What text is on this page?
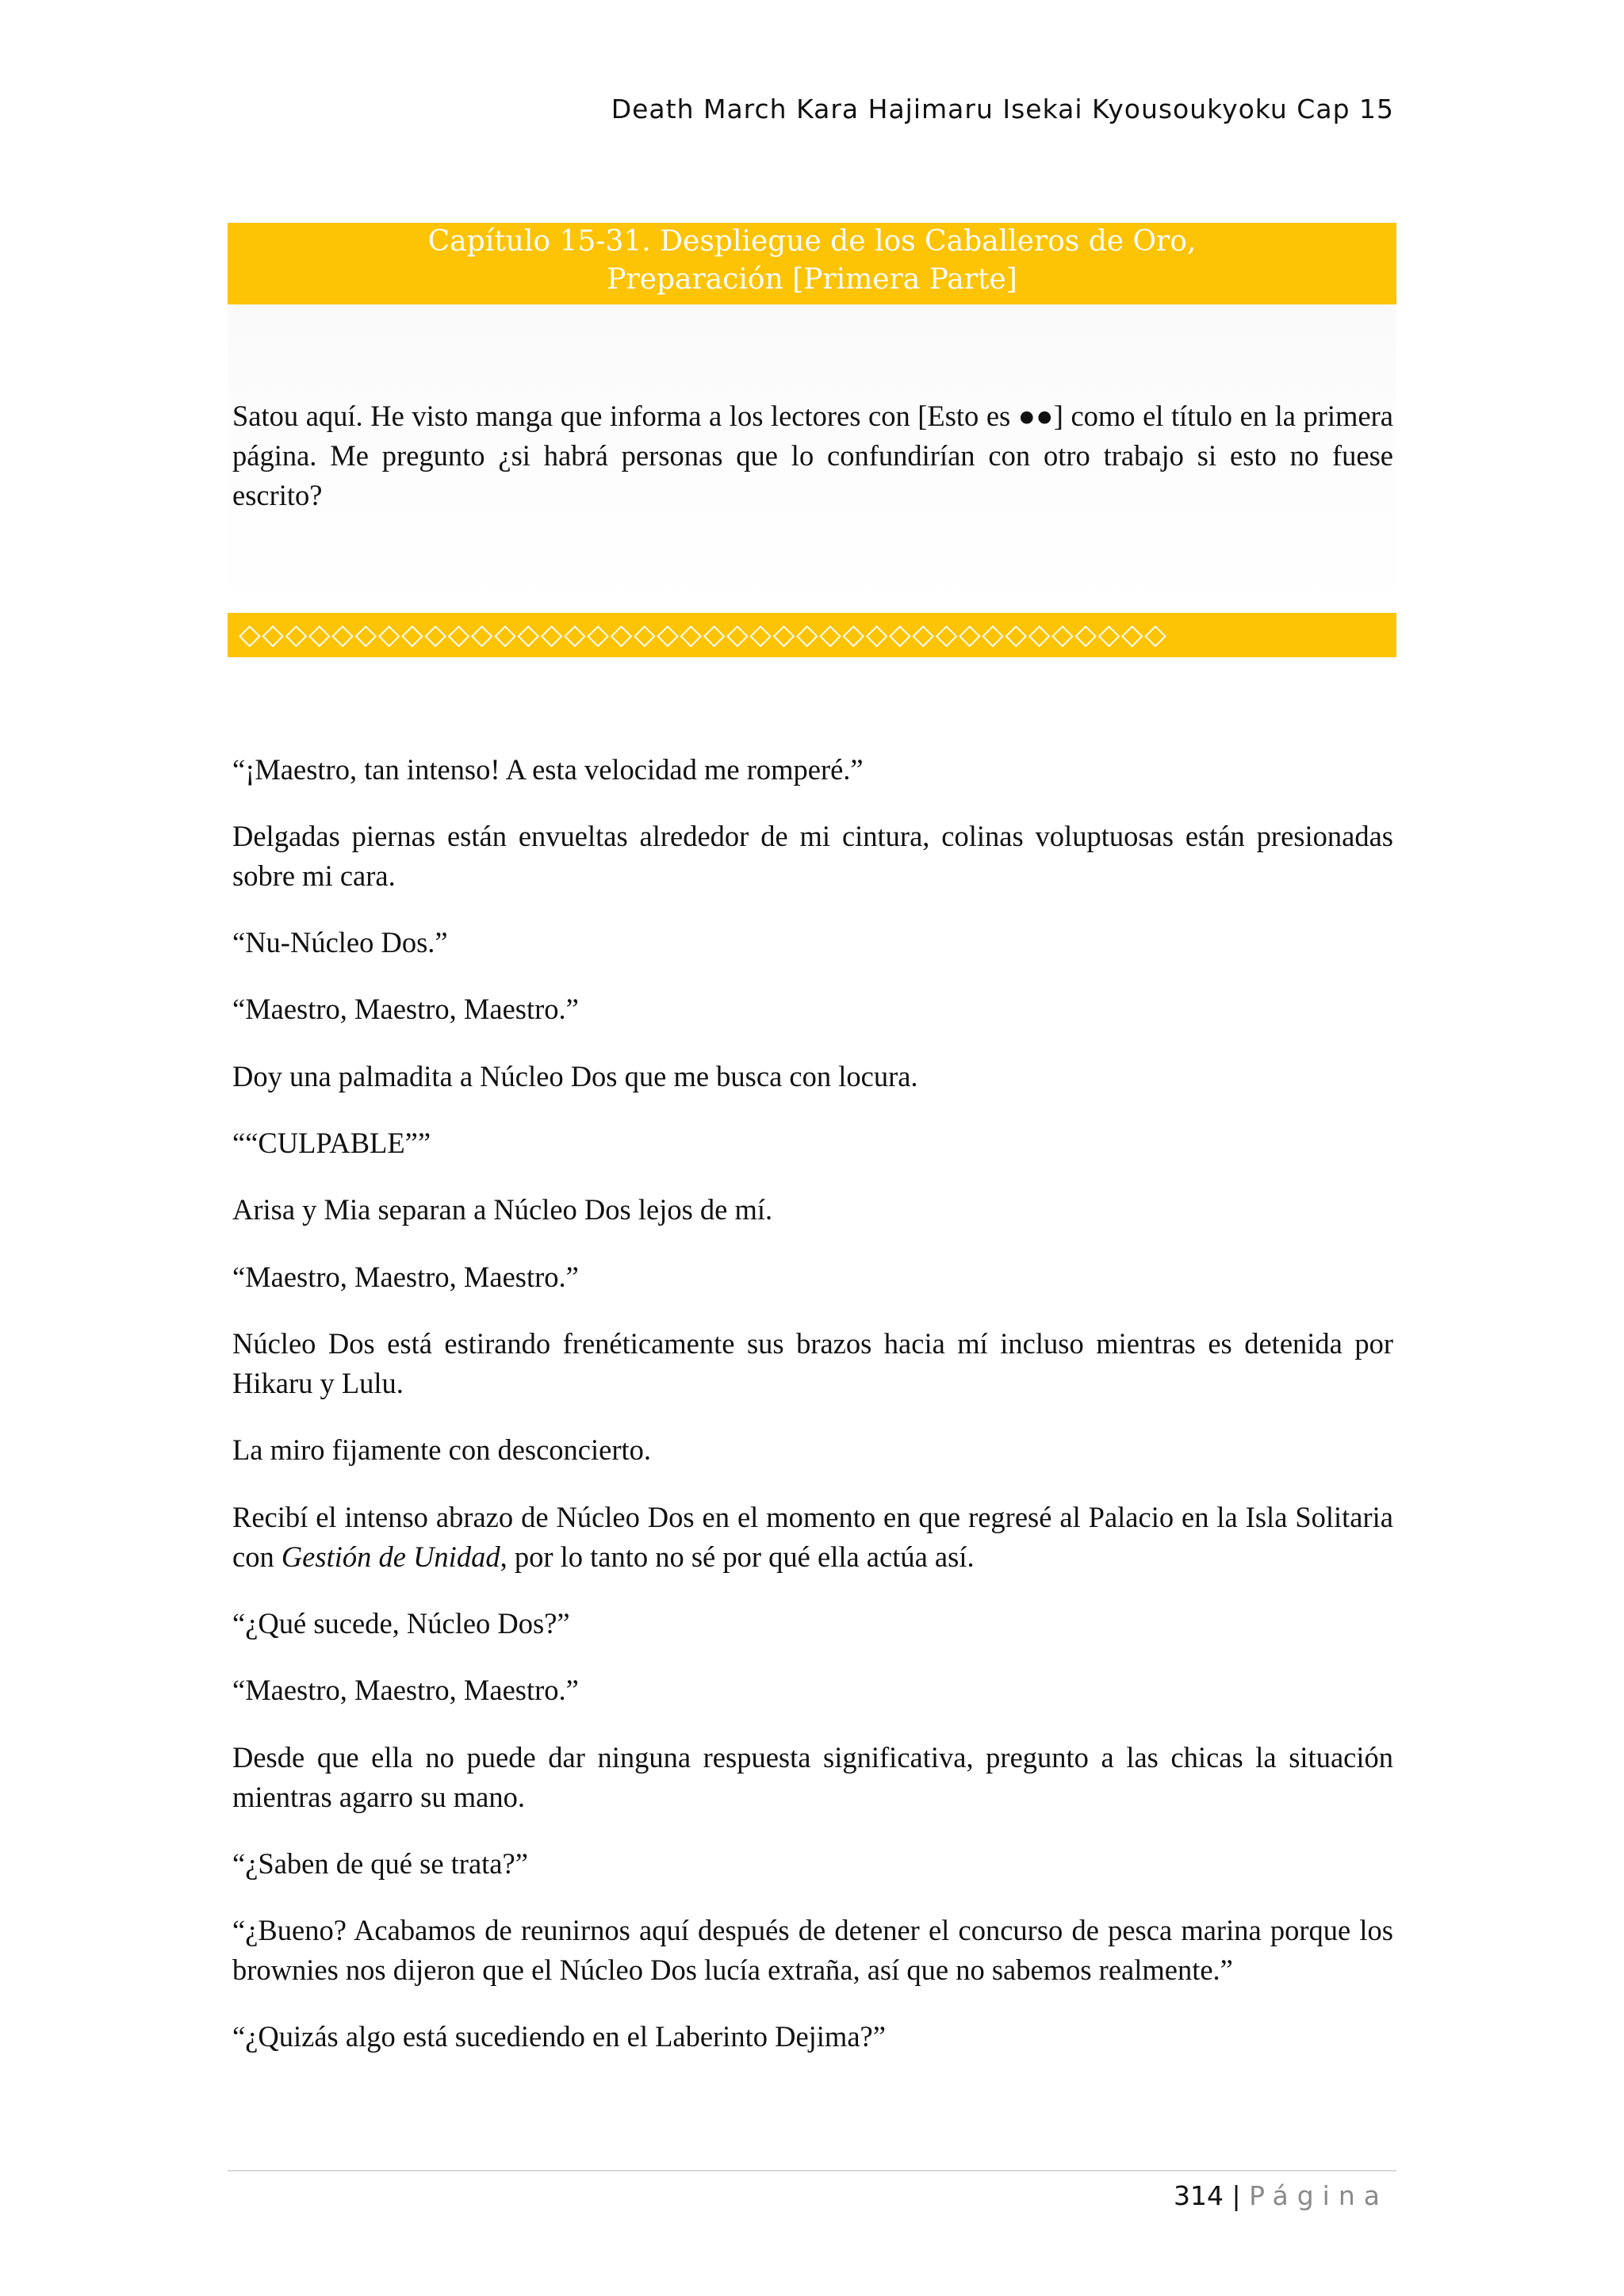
Death March Kara Hajimaru Isekai Kyousoukyoku Cap 15
Capítulo 15-31. Despliegue de los Caballeros de Oro,
Preparación [Primera Parte]

Satou aquí. He visto manga que informa a los lectores con [Esto es ●●] como el título en la primera página. Me pregunto ¿si habrá personas que lo confundirían con otro trabajo si esto no fuese escrito?

◇◇◇◇◇◇◇◇◇◇◇◇◇◇◇◇◇◇◇◇◇◇◇◇◇◇◇◇◇◇◇◇◇◇◇◇◇◇◇◇

“¡Maestro, tan intenso! A esta velocidad me romperé.”

Delgadas piernas están envueltas alrededor de mi cintura, colinas voluptuosas están presionadas sobre mi cara.

“Nu-Núcleo Dos.”

“Maestro, Maestro, Maestro.”

Doy una palmadita a Núcleo Dos que me busca con locura.

““CULPABLE””

Arisa y Mia separan a Núcleo Dos lejos de mí.

“Maestro, Maestro, Maestro.”

Núcleo Dos está estirando frenéticamente sus brazos hacia mí incluso mientras es detenida por Hikaru y Lulu.

La miro fijamente con desconcierto.

Recibí el intenso abrazo de Núcleo Dos en el momento en que regresé al Palacio en la Isla Solitaria con Gestión de Unidad, por lo tanto no sé por qué ella actúa así.

“¿Qué sucede, Núcleo Dos?”

“Maestro, Maestro, Maestro.”

Desde que ella no puede dar ninguna respuesta significativa, pregunto a las chicas la situación mientras agarro su mano.

“¿Saben de qué se trata?”

“¿Bueno? Acabamos de reunirnos aquí después de detener el concurso de pesca marina porque los brownies nos dijeron que el Núcleo Dos lucía extraña, así que no sabemos realmente.”

“¿Quizás algo está sucediendo en el Laberinto Dejima?”

314 | Página
